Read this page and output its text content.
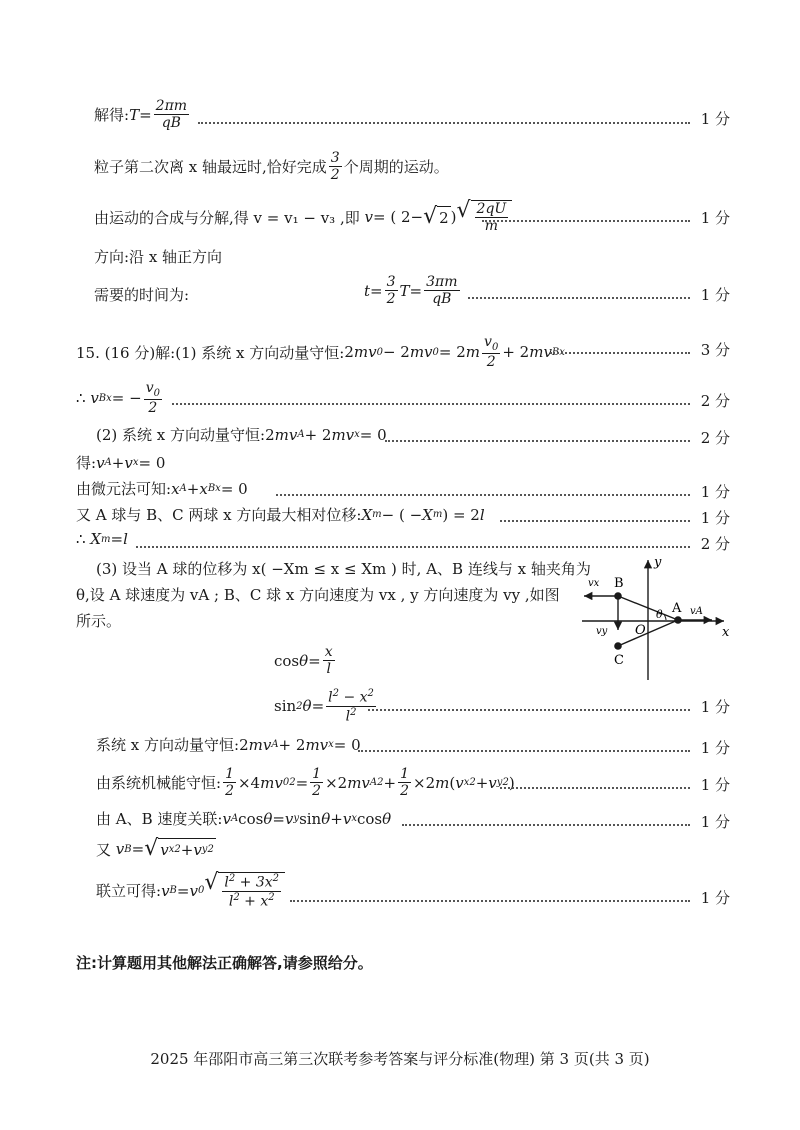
解得: $T = \frac{2\pi m}{qB}$	1 分
粒子第二次离 x 轴最远时,恰好完成 $\frac{3}{2}$ 个周期的运动。
由运动的合成与分解,得 v = v₁ − v₃ ,即 v = ( 2− √ 2 ) √ $\frac{2qU}{m}$	1 分
方向:沿 x 轴正方向
需要的时间为:	$t = \frac{3}{2}$ $T = \frac{3\pi m}{qB}$	1 分
15. (16 分)解:(1) 系统 x 方向动量守恒: 2 mv 0 − 2 mv 0 = 2 m $\frac{v_0}{2} + 2$ mv Bx	3 分
∴ v Bx = − $\frac{v_0}{2}$	2 分
(2) 系统 x 方向动量守恒: 2 mv A + 2 mv x = 0	2 分
得: v A + v x = 0
由微元法可知: x A + x Bx = 0	1 分
又 A 球与 B、C 两球 x 方向最大相对位移: X m − ( − X m ) = 2 l	1 分
∴ X m = l	2 分
(3) 设当 A 球的位移为 x( −Xm ≤ x ≤ Xm ) 时, A、B 连线与 x 轴夹角为
θ,设 A 球速度为 vA ; B、C 球 x 方向速度为 vx , y 方向速度为 vy ,如图
所示。
x
y
B
C
A
O
θ
vx
vy
vA
$\cos \theta = \frac{x}{l}$
sin 2 $\theta = \frac{l^2 - x^2}{l^2}$	1 分
系统 x 方向动量守恒: 2 mv A + 2 mv x = 0	1 分
由系统机械能守恒: $\frac{1}{2} \times 4$ mv 0 $2 = \frac{1}{2} \times 2$ mv A $2 + \frac{1}{2} \times 2$ m ( v x 2 + v y 2 )	1 分
由 A、B 速度关联: v A cos θ = v y sin θ + v x cos θ	1 分
又 v B = √ v x 2 + v y 2
联立可得: v B = v 0 √ $\frac{l^2 + 3x^2}{l^2 + x^2}$	1 分
注:计算题用其他解法正确解答,请参照给分。
2025 年邵阳市高三第三次联考参考答案与评分标准(物理) 第 3 页(共 3 页)
